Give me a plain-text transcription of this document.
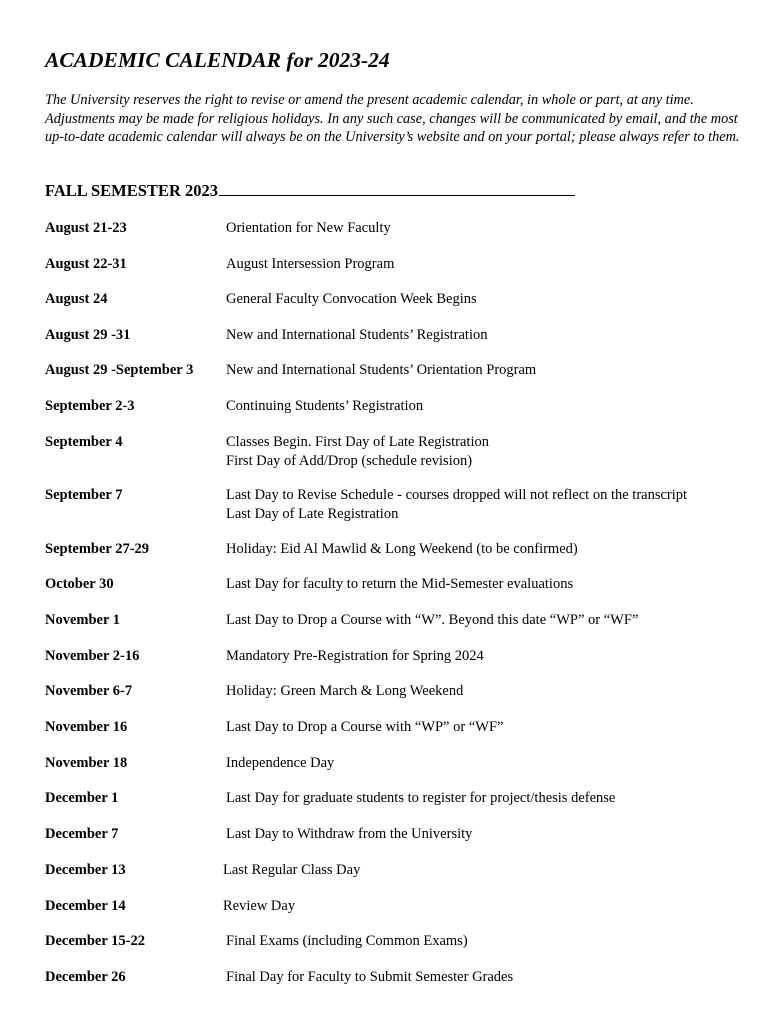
ACADEMIC CALENDAR for 2023-24

The University reserves the right to revise or amend the present academic calendar, in whole or part, at any time. Adjustments may be made for religious holidays. In any such case, changes will be communicated by email, and the most up-to-date academic calendar will always be on the University’s website and on your portal; please always refer to them.

FALL SEMESTER 2023
August 21-23	Orientation for New Faculty
August 22-31	August Intersession Program
August 24	General Faculty Convocation Week Begins
August 29 -31	New and International Students’ Registration
August 29 -September 3	New and International Students’ Orientation Program
September 2-3	Continuing Students’ Registration
September 4	Classes Begin. First Day of Late Registration
First Day of Add/Drop (schedule revision)
September 7	Last Day to Revise Schedule - courses dropped will not reflect on the transcript
Last Day of Late Registration
September 27-29	Holiday: Eid Al Mawlid & Long Weekend (to be confirmed)
October 30	Last Day for faculty to return the Mid-Semester evaluations
November 1	Last Day to Drop a Course with “W”. Beyond this date “WP” or “WF”
November 2-16	Mandatory Pre-Registration for Spring 2024
November 6-7	Holiday: Green March & Long Weekend
November 16	Last Day to Drop a Course with “WP” or “WF”
November 18	Independence Day
December 1	Last Day for graduate students to register for project/thesis defense
December 7	Last Day to Withdraw from the University
December 13	Last Regular Class Day
December 14	Review Day
December 15-22	Final Exams (including Common Exams)
December 26	Final Day for Faculty to Submit Semester Grades
